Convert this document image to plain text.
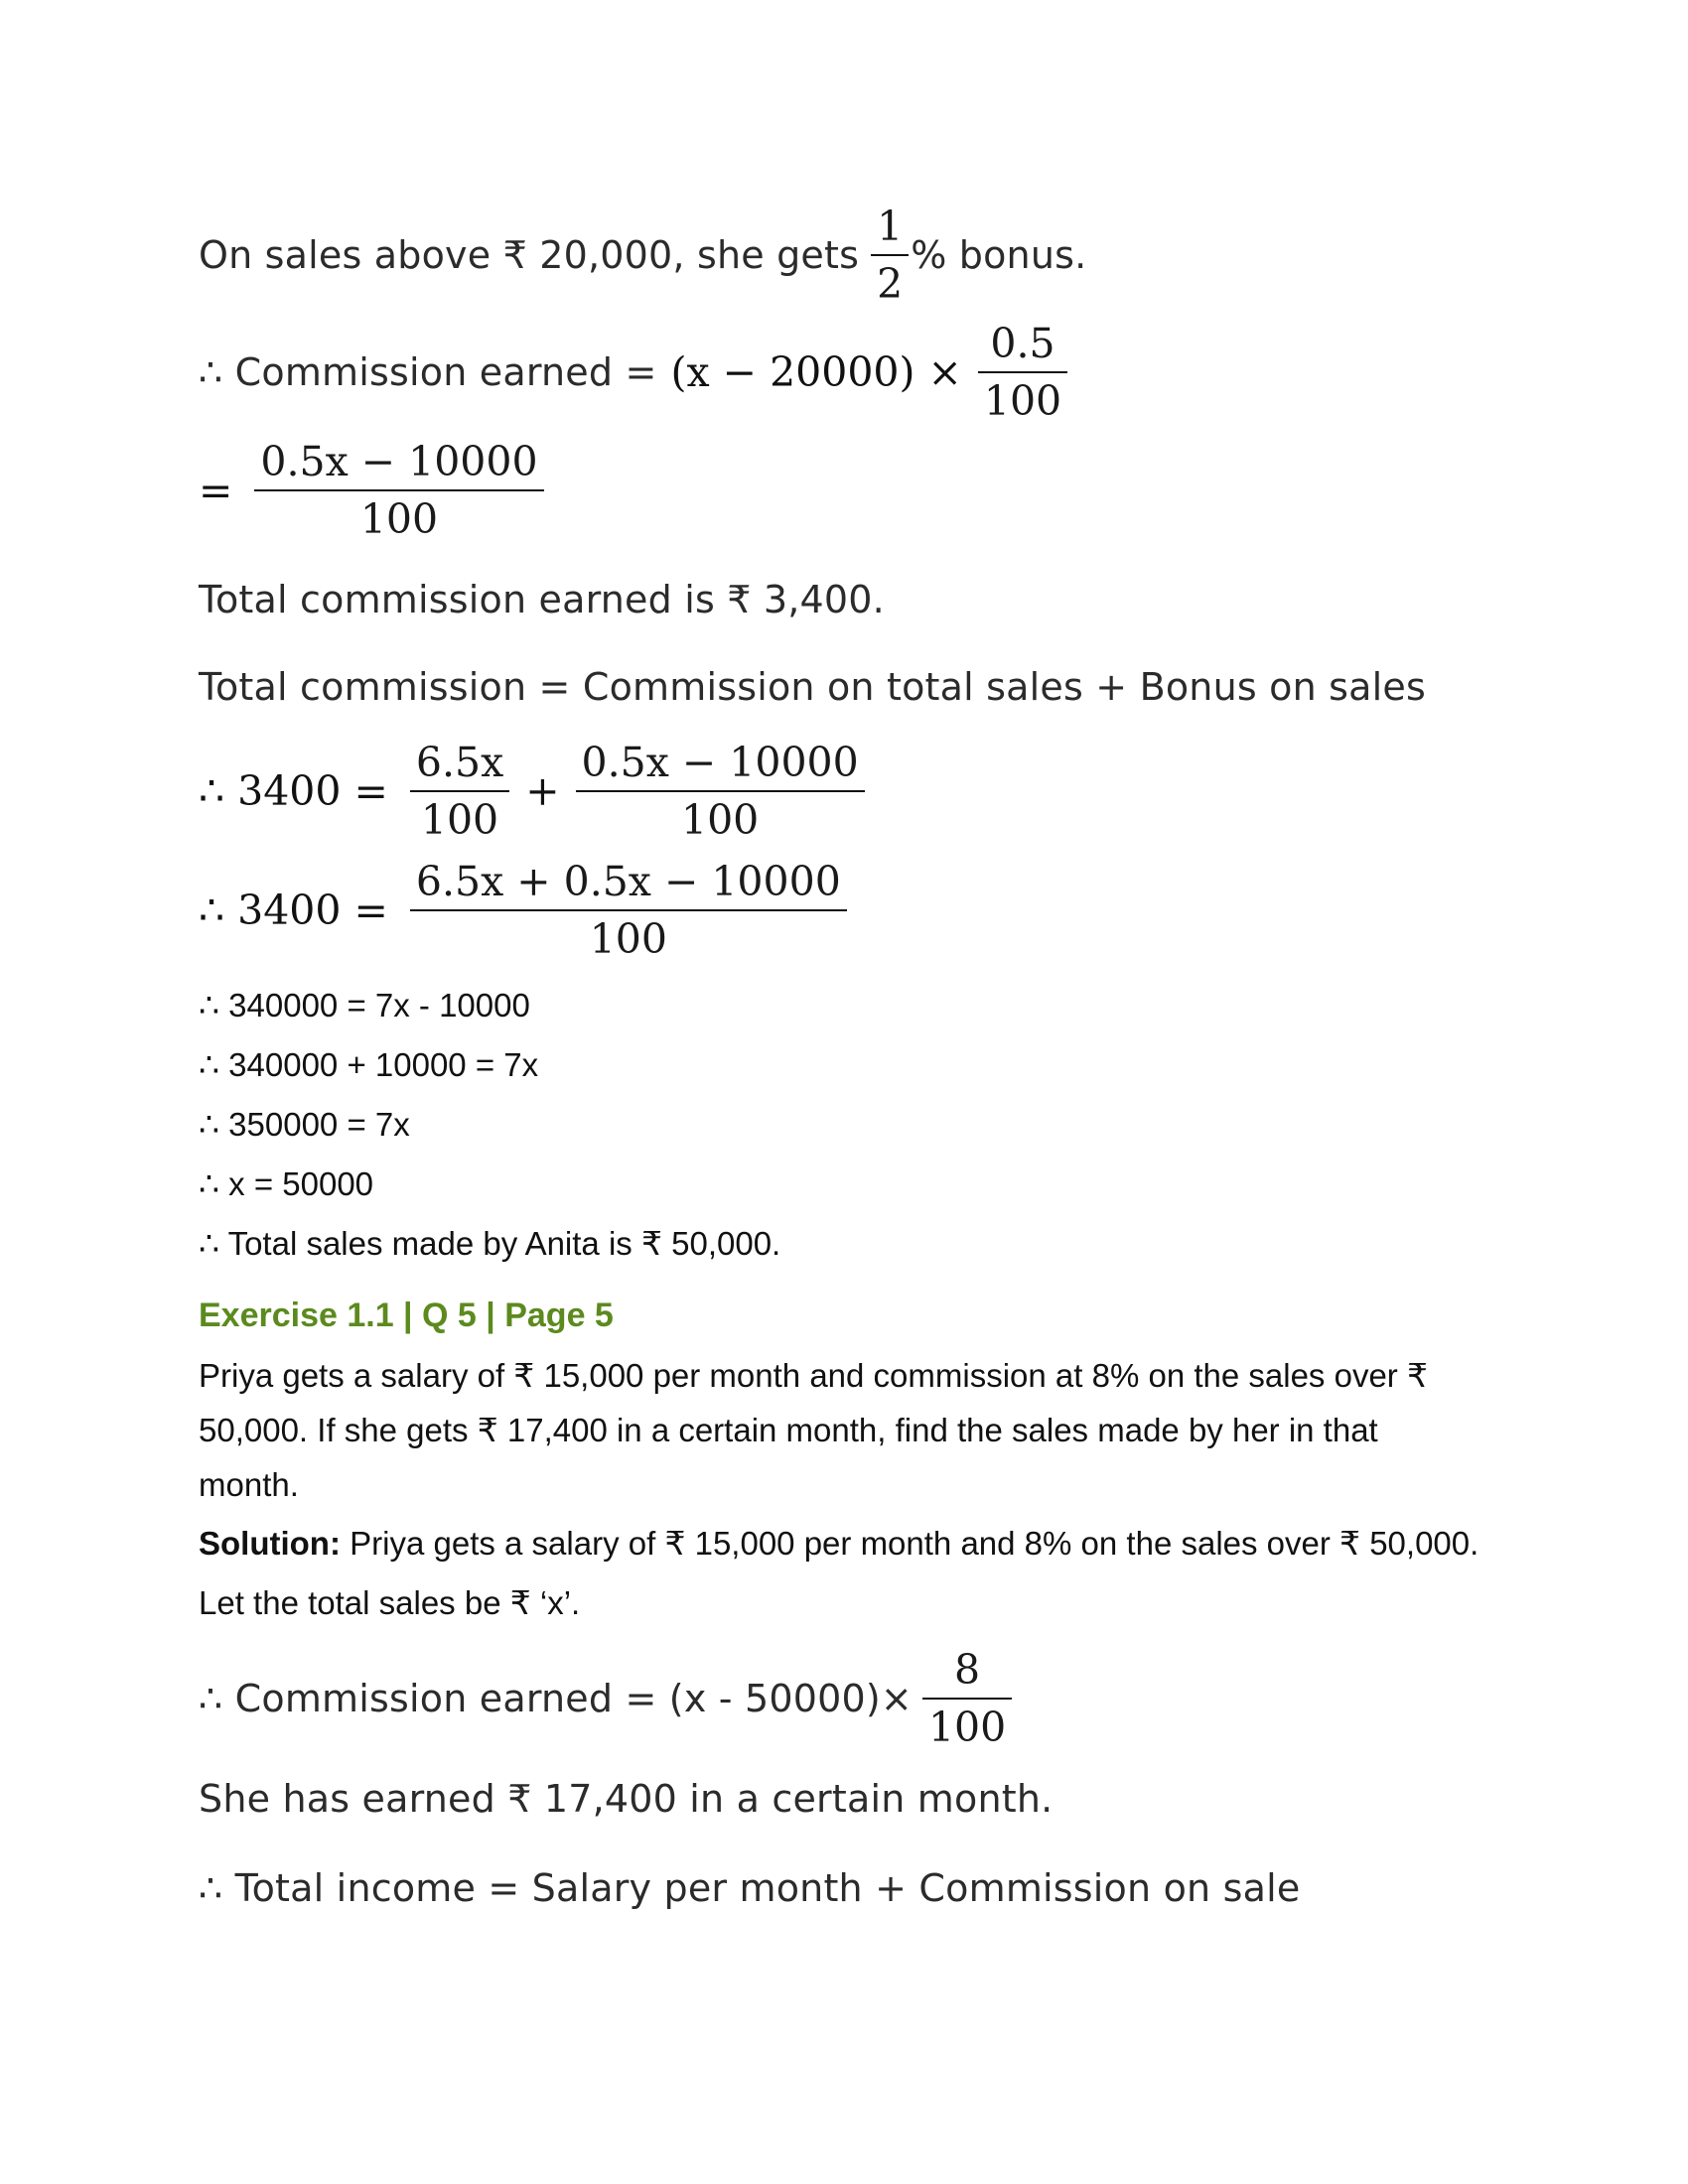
On sales above ₹ 20,000, she gets $\frac{1}{2}$ % bonus.
∴ Commission earned = $(x - 20000) \times \frac{0.5}{100}$
= $\frac{0.5x - 10000}{100}$
Total commission earned is ₹ 3,400.
Total commission = Commission on total sales + Bonus on sales
∴ $3400 = \frac{6.5x}{100} + \frac{0.5x - 10000}{100}$
∴ $3400 = \frac{6.5x + 0.5x - 10000}{100}$
∴ 340000 = 7x - 10000
∴ 340000 + 10000 = 7x
∴ 350000 = 7x
∴ x = 50000
∴ Total sales made by Anita is ₹ 50,000.
Exercise 1.1 | Q 5 | Page 5
Priya gets a salary of ₹ 15,000 per month and commission at 8% on the sales over ₹
50,000. If she gets ₹ 17,400 in a certain month, find the sales made by her in that
month.
Solution: Priya gets a salary of ₹ 15,000 per month and 8% on the sales over ₹ 50,000.
Let the total sales be ₹ ‘x’.
∴ Commission earned = $(x - 50000)\times \frac{8}{100}$
She has earned ₹ 17,400 in a certain month.
∴ Total income = Salary per month + Commission on sale
